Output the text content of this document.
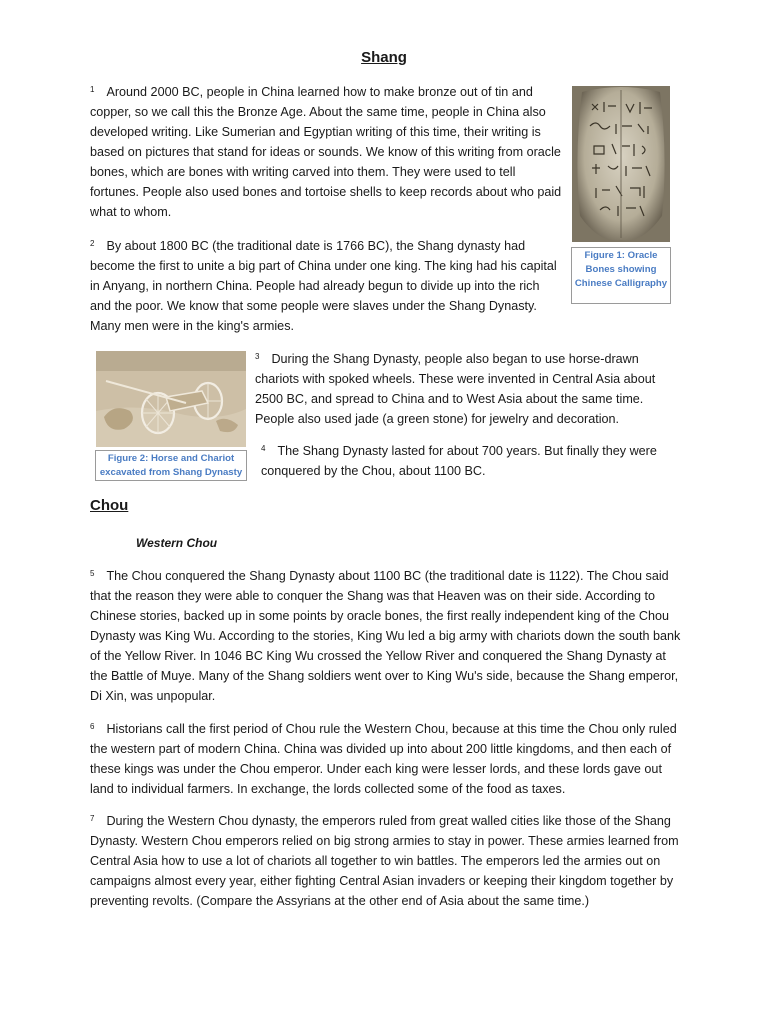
Shang

$^1$ Around 2000 BC, people in China learned how to make bronze out of tin and copper, so we call this the Bronze Age. About the same time, people in China also developed writing. Like Sumerian and Egyptian writing of this time, their writing is based on pictures that stand for ideas or sounds. We know of this writing from oracle bones, which are bones with writing carved into them. They were used to tell fortunes. People also used bones and tortoise shells to keep records about who paid what to whom.

Figure 1: Oracle Bones showing Chinese Calligraphy

$^2$ By about 1800 BC (the traditional date is 1766 BC), the Shang dynasty had become the first to unite a big part of China under one king. The king had his capital in Anyang, in northern China. People had already begun to divide up into the rich and the poor. We know that some people were slaves under the Shang Dynasty. Many men were in the king's armies.

Figure 2: Horse and Chariot excavated from Shang Dynasty

$^3$ During the Shang Dynasty, people also began to use horse-drawn chariots with spoked wheels. These were invented in Central Asia about 2500 BC, and spread to China and to West Asia about the same time. People also used jade (a green stone) for jewelry and decoration.

$^4$ The Shang Dynasty lasted for about 700 years. But finally they were conquered by the Chou, about 1100 BC.

Chou
Western Chou

$^5$ The Chou conquered the Shang Dynasty about 1100 BC (the traditional date is 1122). The Chou said that the reason they were able to conquer the Shang was that Heaven was on their side. According to Chinese stories, backed up in some points by oracle bones, the first really independent king of the Chou Dynasty was King Wu. According to the stories, King Wu led a big army with chariots down the south bank of the Yellow River. In 1046 BC King Wu crossed the Yellow River and conquered the Shang Dynasty at the Battle of Muye. Many of the Shang soldiers went over to King Wu's side, because the Shang emperor, Di Xin, was unpopular.

$^6$ Historians call the first period of Chou rule the Western Chou, because at this time the Chou only ruled the western part of modern China. China was divided up into about 200 little kingdoms, and then each of these kings was under the Chou emperor. Under each king were lesser lords, and these lords gave out land to individual farmers. In exchange, the lords collected some of the food as taxes.

$^7$ During the Western Chou dynasty, the emperors ruled from great walled cities like those of the Shang Dynasty. Western Chou emperors relied on big strong armies to stay in power. These armies learned from Central Asia how to use a lot of chariots all together to win battles. The emperors led the armies out on campaigns almost every year, either fighting Central Asian invaders or keeping their kingdom together by preventing revolts. (Compare the Assyrians at the other end of Asia about the same time.)
